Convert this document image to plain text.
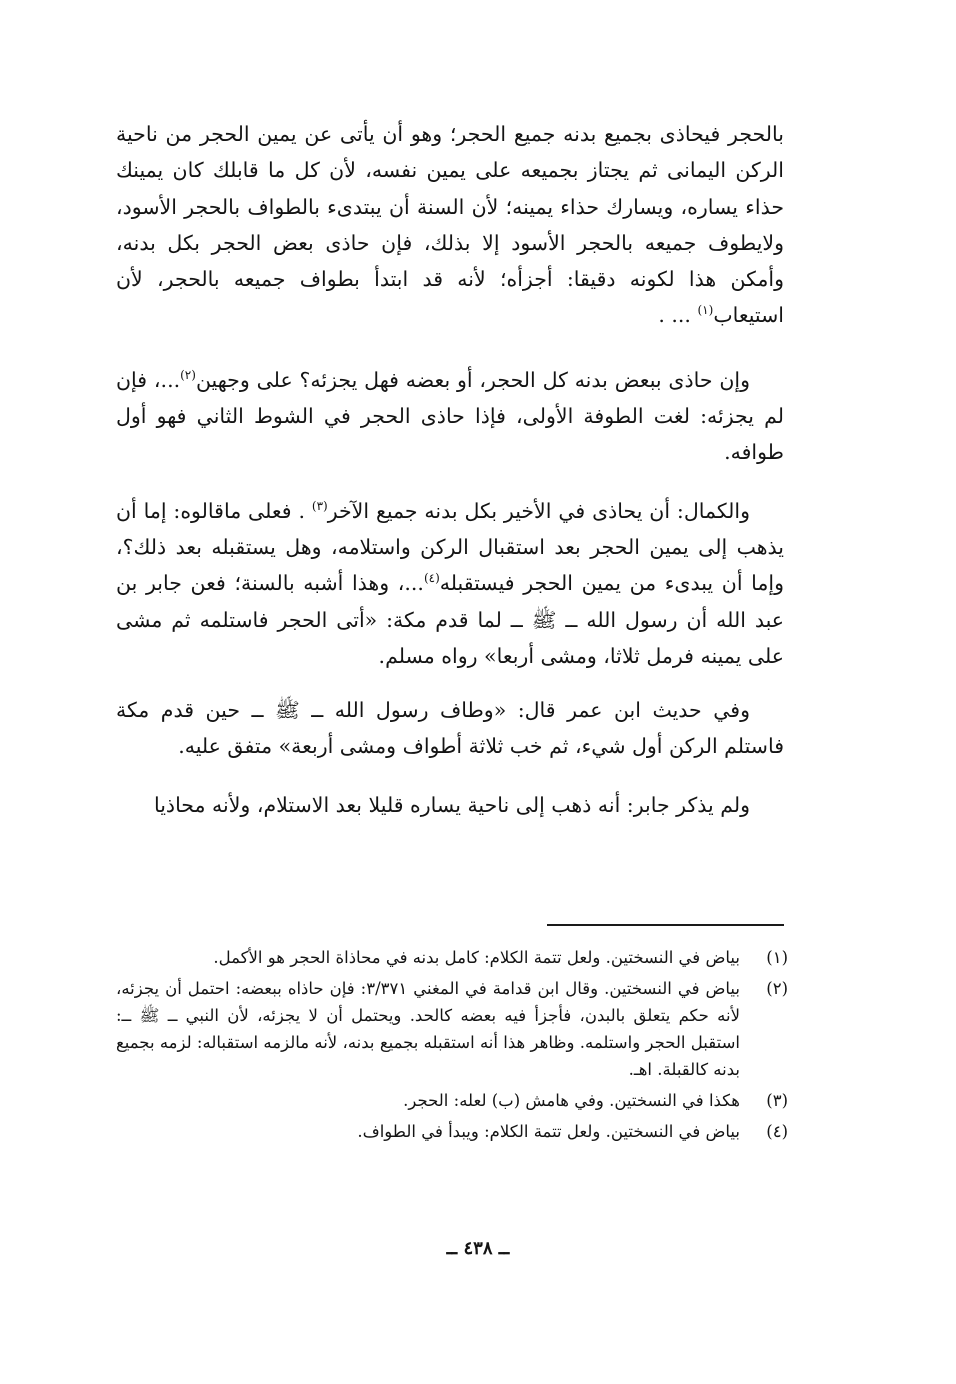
بالحجر فيحاذى بجميع بدنه جميع الحجر؛ وهو أن يأتى عن يمين الحجر من ناحية الركن اليمانى ثم يجتاز بجميعه على يمين نفسه، لأن كل ما قابلك كان يمينك حذاء يساره، ويسارك حذاء يمينه؛ لأن السنة أن يبتدىء بالطواف بالحجر الأسود، ولايطوف جميعه بالحجر الأسود إلا بذلك، فإن حاذى بعض الحجر بكل بدنه، وأمكن هذا لكونه دقيقا: أجزأه؛ لأنه قد ابتدأ بطواف جميعه بالحجر، لأن استيعاب$^{(١)}$ ... .

وإن حاذى ببعض بدنه كل الحجر، أو بعضه فهل يجزئه؟ على وجهين$^{(٢)}$...، فإن لم يجزئه: لغت الطوفة الأولى، فإذا حاذى الحجر في الشوط الثاني فهو أول طوافه.

والكمال: أن يحاذى في الأخير بكل بدنه جميع الآخر$^{(٣)}$ . فعلى ماقالوه: إما أن يذهب إلى يمين الحجر بعد استقبال الركن واستلامه، وهل يستقبله بعد ذلك؟، وإما أن يبدىء من يمين الحجر فيستقبله$^{(٤)}$...، وهذا أشبه بالسنة؛ فعن جابر بن عبد الله أن رسول الله ــ ﷺ ــ لما قدم مكة: «أتى الحجر فاستلمه ثم مشى على يمينه فرمل ثلاثا، ومشى أربعا» رواه مسلم.

وفي حديث ابن عمر قال: «وطاف رسول الله ــ ﷺ ــ حين قدم مكة فاستلم الركن أول شيء، ثم خب ثلاثة أطواف ومشى أربعة» متفق عليه.

ولم يذكر جابر: أنه ذهب إلى ناحية يساره قليلا بعد الاستلام، ولأنه محاذيا

(١)
بياض في النسختين. ولعل تتمة الكلام: كامل بدنه في محاذاة الحجر هو الأكمل.
(٢)
بياض في النسختين. وقال ابن قدامة في المغني ٣/٣٧١: فإن حاذاه ببعضه: احتمل أن يجزئه، لأنه حكم يتعلق بالبدن، فأجزأ فيه بعضه كالحد. ويحتمل أن لا يجزئه، لأن النبي ــ ﷺ ــ: استقبل الحجر واستلمه. وظاهر هذا أنه استقبله بجميع بدنه، لأنه مالزمه استقباله: لزمه بجميع بدنه كالقبلة. اهـ.
(٣)
هكذا في النسختين. وفي هامش (ب) لعله: الحجر.
(٤)
بياض في النسختين. ولعل تتمة الكلام: ويبدأ في الطواف.
ــ ٤٣٨ ــ
